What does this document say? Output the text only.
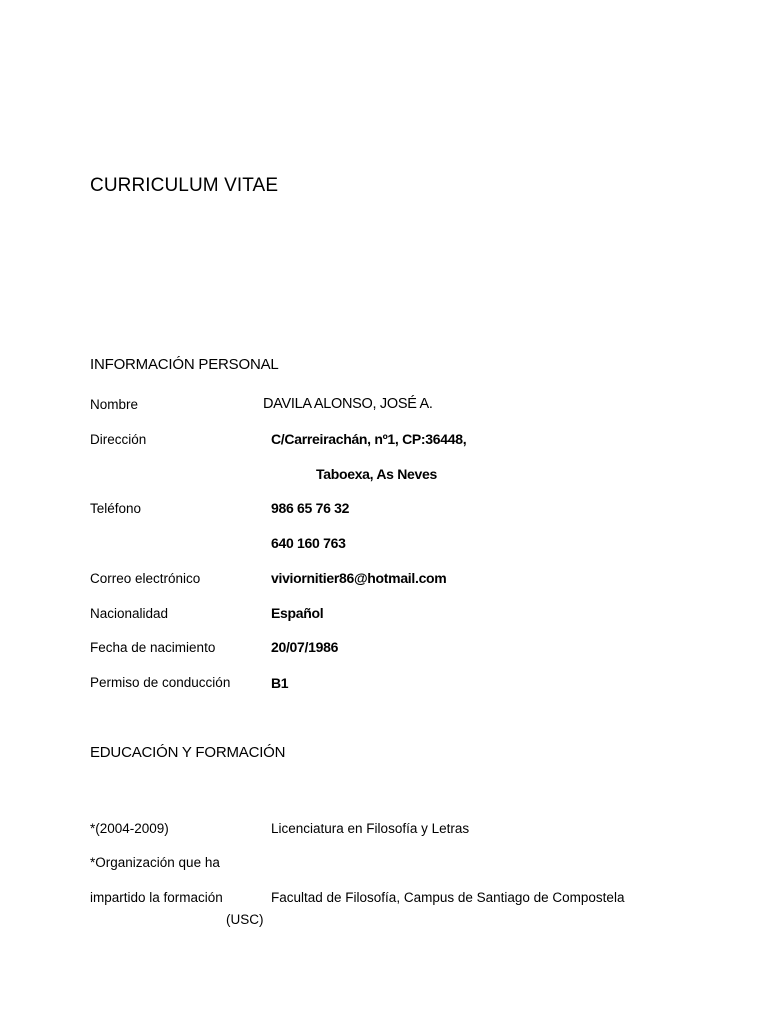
CURRICULUM VITAE
INFORMACIÓN PERSONAL
Nombre	DAVILA ALONSO, JOSÉ A.
Dirección	C/Carreirachán, nº1, CP:36448,
Taboexa, As Neves
Teléfono	986 65 76 32
640 160 763
Correo electrónico	viviornitier86@hotmail.com
Nacionalidad	Español
Fecha de nacimiento	20/07/1986
Permiso de conducción	B1
EDUCACIÓN Y FORMACIÓN
*(2004-2009)	Licenciatura en Filosofía y Letras
*Organización que ha
impartido la formación	Facultad de Filosofía, Campus de Santiago de Compostela
(USC)
